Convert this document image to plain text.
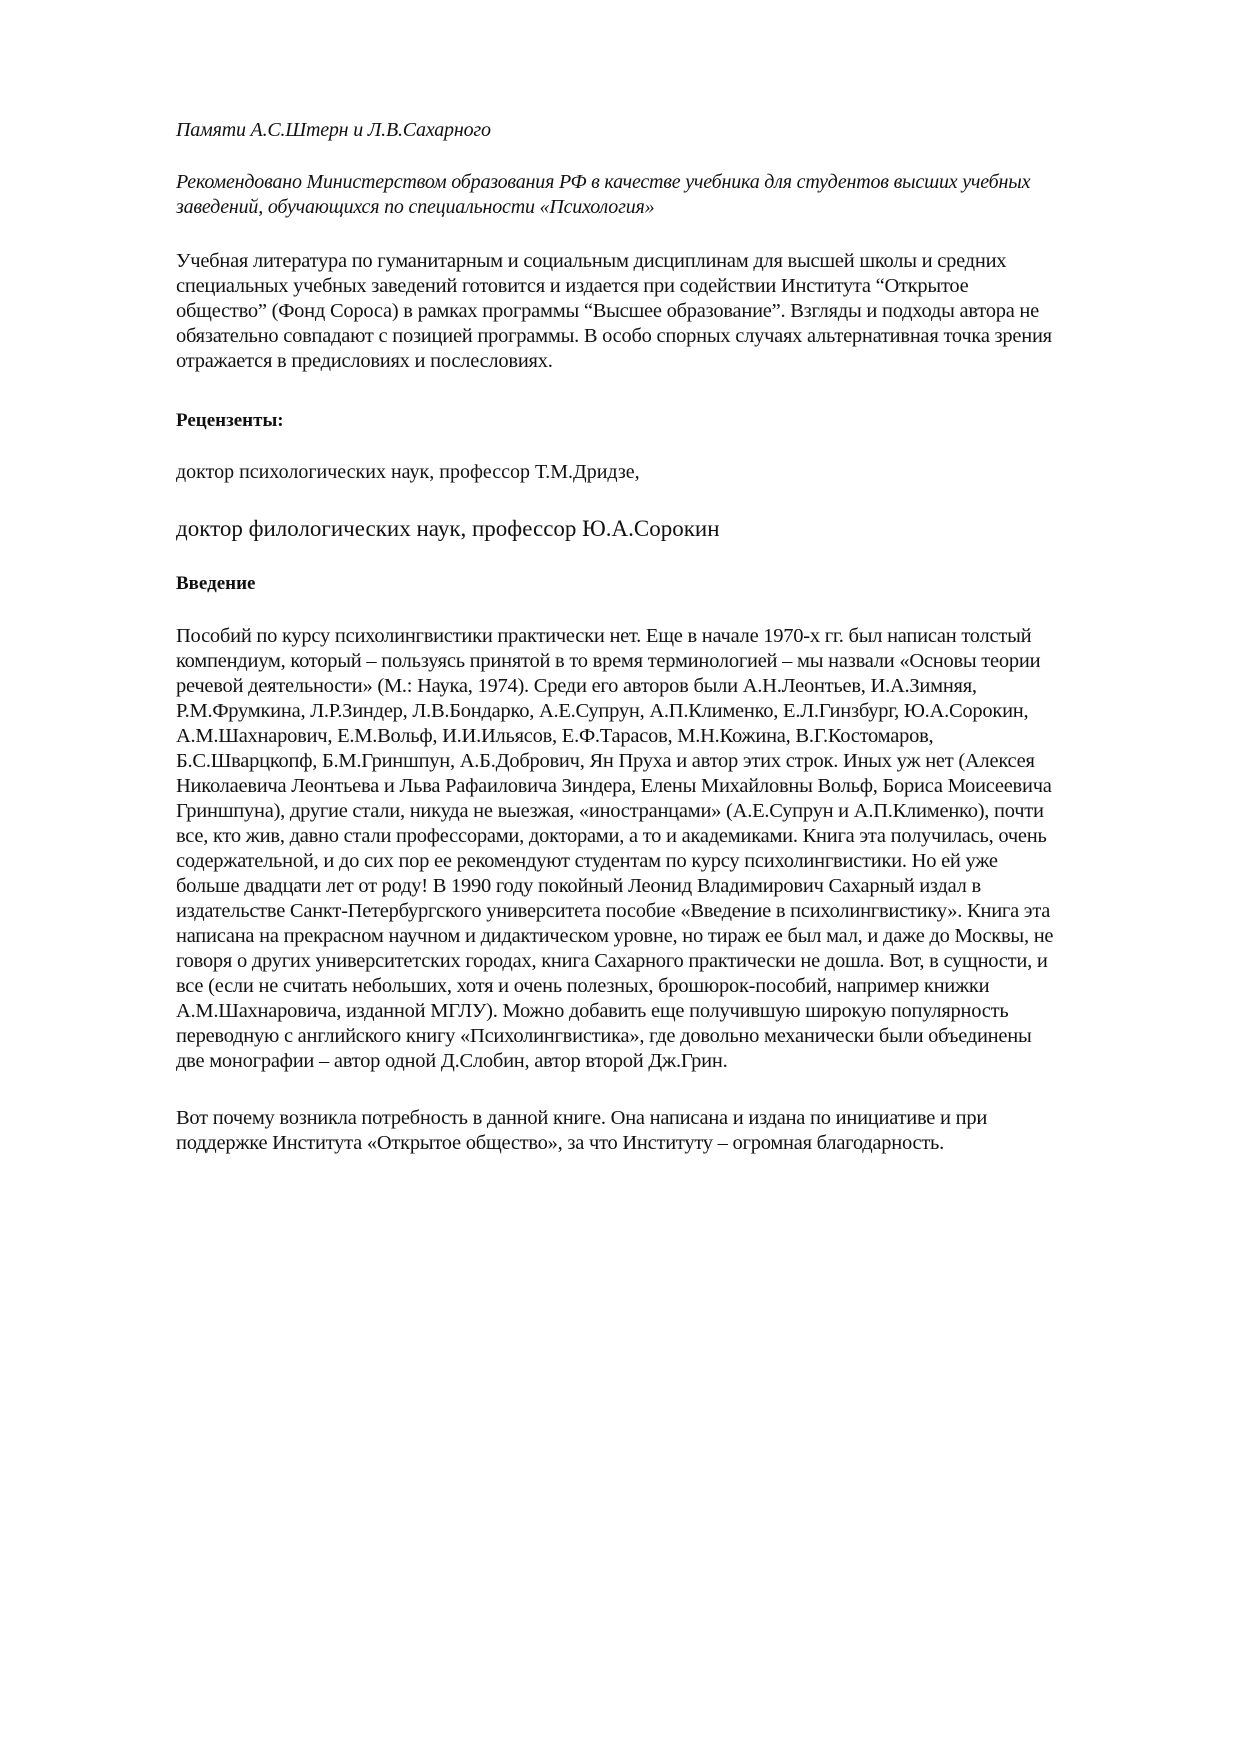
Памяти А.С.Штерн и Л.В.Сахарного

Рекомендовано Министерством образования РФ в качестве учебника для студентов высших учебных
заведений, обучающихся по специальности «Психология»

Учебная литература по гуманитарным и социальным дисциплинам для высшей школы и средних
специальных учебных заведений готовится и издается при содействии Института “Открытое
общество” (Фонд Сороса) в рамках программы “Высшее образование”. Взгляды и подходы автора не
обязательно совпадают с позицией программы. В особо спорных случаях альтернативная точка зрения
отражается в предисловиях и послесловиях.

Рецензенты:

доктор психологических наук, профессор Т.М.Дридзе,

доктор филологических наук, профессор Ю.А.Сорокин

Введение

Пособий по курсу психолингвистики практически нет. Еще в начале 1970-х гг. был написан толстый
компендиум, который – пользуясь принятой в то время терминологией – мы назвали «Основы теории
речевой деятельности» (М.: Наука, 1974). Среди его авторов были А.Н.Леонтьев, И.А.Зимняя,
Р.М.Фрумкина, Л.Р.Зиндер, Л.В.Бондарко, А.Е.Супрун, А.П.Клименко, Е.Л.Гинзбург, Ю.А.Сорокин,
А.М.Шахнарович, Е.М.Вольф, И.И.Ильясов, Е.Ф.Тарасов, М.Н.Кожина, В.Г.Костомаров,
Б.С.Шварцкопф, Б.М.Гриншпун, А.Б.Добрович, Ян Пруха и автор этих строк. Иных уж нет (Алексея
Николаевича Леонтьева и Льва Рафаиловича Зиндера, Елены Михайловны Вольф, Бориса Моисеевича
Гриншпуна), другие стали, никуда не выезжая, «иностранцами» (А.Е.Супрун и А.П.Клименко), почти
все, кто жив, давно стали профессорами, докторами, а то и академиками. Книга эта получилась, очень
содержательной, и до сих пор ее рекомендуют студентам по курсу психолингвистики. Но ей уже
больше двадцати лет от роду! В 1990 году покойный Леонид Владимирович Сахарный издал в
издательстве Санкт-Петербургского университета пособие «Введение в психолингвистику». Книга эта
написана на прекрасном научном и дидактическом уровне, но тираж ее был мал, и даже до Москвы, не
говоря о других университетских городах, книга Сахарного практически не дошла. Вот, в сущности, и
все (если не считать небольших, хотя и очень полезных, брошюрок-пособий, например книжки
А.М.Шахнаровича, изданной МГЛУ). Можно добавить еще получившую широкую популярность
переводную с английского книгу «Психолингвистика», где довольно механически были объединены
две монографии – автор одной Д.Слобин, автор второй Дж.Грин.

Вот почему возникла потребность в данной книге. Она написана и издана по инициативе и при
поддержке Института «Открытое общество», за что Институту – огромная благодарность.
